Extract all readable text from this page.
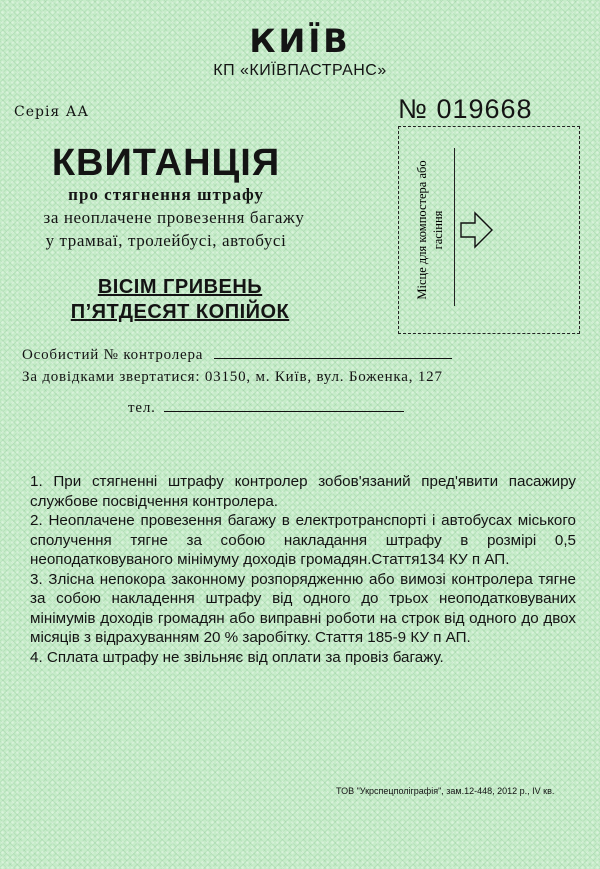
КИЇВ
КП «КИЇВПАСТРАНС»
Серія АА	№ 019668
КВИТАНЦІЯ
про стягнення штрафу
за неоплачене провезення багажу
у трамваї, тролейбусі, автобусі
ВІСІМ ГРИВЕНЬ
П’ЯТДЕСЯТ КОПІЙОК
Місце для компостера або гасіння
Особистий № контролера
За довідками звертатися: 03150, м. Київ, вул. Боженка, 127
тел.

1. При стягненні штрафу контролер зобов'язаний пред'явити пасажиру службове посвідчення контролера.

2. Неоплачене провезення багажу в електротранспорті і автобусах міського сполучення тягне за собою накладання штрафу в розмірі 0,5 неоподатковуваного мінімуму доходів громадян.Стаття134 КУ п АП.

3. Злісна непокора законному розпорядженню або вимозі контролера тягне за собою накладення штрафу від одного до трьох неоподатковуваних мінімумів доходів громадян або виправні роботи на строк від одного до двох місяців з відрахуванням 20 % заробітку. Стаття 185-9 КУ п АП.

4. Сплата штрафу не звільняє від оплати за провіз багажу.

ТОВ "Укрспецполіграфія", зам.12-448, 2012 р., IV кв.
